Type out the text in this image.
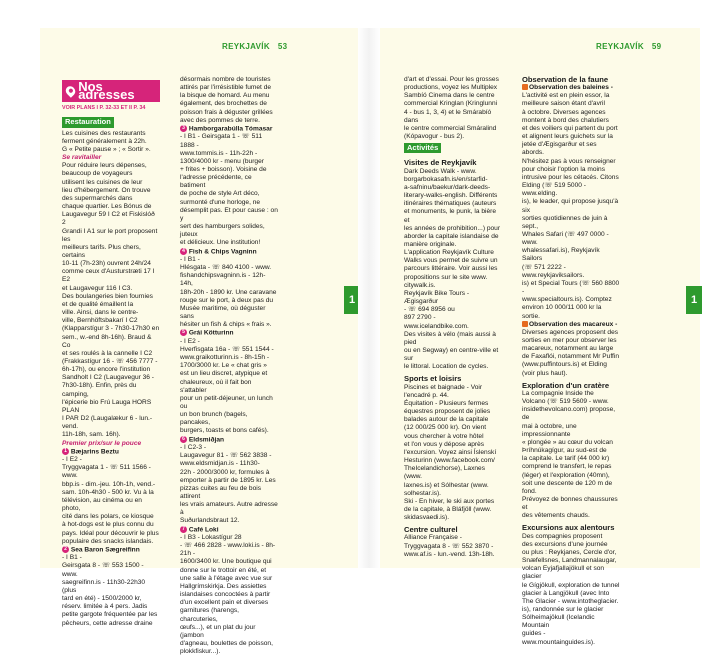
REYKJAVÍK 53
Nos adresses
VOIR PLANS I P. 32-33 ET II P. 34
Restauration

Les cuisines des restaurants
ferment généralement à 22h.
G « Petite pause » ; « Sortir ».

Se ravitailler

Pour réduire leurs dépenses,
beaucoup de voyageurs
utilisent les cuisines de leur
lieu d'hébergement. On trouve
des supermarchés dans
chaque quartier. Les Bónus de
Laugavegur 59 I C2 et Fiskislóð 2
Grandi I A1 sur le port proposent les
meilleurs tarifs. Plus chers, certains
10-11 (7h-23h) ouvrent 24h/24
comme ceux d'Austurstræti 17 I E2
et Laugavegur 116 I C3.
Des boulangeries bien fournies
et de qualité émaillent la
ville. Ainsi, dans le centre-
ville, Bernhöftsbakarí I C2
(Klapparstígur 3 - 7h30-17h30 en
sem., w.-end 8h-16h). Braud & Co
et ses roulés à la cannelle I C2
(Frakkastígur 16 - ☏ 456 7777 -
6h-17h), ou encore l'institution
Sandholt I C2 (Laugavegur 36 -
7h30-18h). Enfin, près du camping,
l'épicerie bio Frú Lauga HORS PLAN
I PAR D2 (Laugalækur 6 - lun.-vend.
11h-18h, sam. 16h).

Premier prix/sur le pouce

1 Bæjarins Beztu

- I E2 -
Tryggvagata 1 - ☏ 511 1566 - www.
bbp.is - dim.-jeu. 10h-1h, vend.-
sam. 10h-4h30 - 500 kr. Vu à la
télévision, au cinéma ou en photo,
cité dans les polars, ce kiosque
à hot-dogs est le plus connu du
pays. Idéal pour découvrir le plus
populaire des snacks islandais.

2 Sea Baron Sægreifinn

- I B1 -
Geirsgata 8 - ☏ 553 1500 - www.
saegreifinn.is - 11h30-22h30 (plus
tard en été) - 1500/2000 kr,
réserv. limitée à 4 pers. Jadis
petite gargote fréquentée par les
pêcheurs, cette adresse draine

désormais nombre de touristes
attirés par l'irrésistible fumet de
la bisque de homard. Au menu
également, des brochettes de
poisson frais à déguster grillées
avec des pommes de terre.

3 Hamborgarabúlla Tómasar

- I B1 - Geirsgata 1 - ☏ 511 1888 -
www.tommis.is - 11h-22h -
1300/4000 kr - menu (burger
+ frites + boisson). Voisine de
l'adresse précédente, ce batiment
de poche de style Art déco,
surmonté d'une horloge, ne
désemplit pas. Et pour cause : on y
sert des hamburgers solides, juteux
et délicieux. Une institution!

4 Fish & Chips Vagninn

- I B1 -
Hlésgata - ☏ 840 4100 - www.
fishandchipsvagninn.is - 12h-14h,
18h-20h - 1890 kr. Une caravane
rouge sur le port, à deux pas du
Musée maritime, où déguster sans
hésiter un fish & chips « frais ».

5 Grái Kötturinn

- I E2 -
Hverfisgata 16a - ☏ 551 1544 -
www.graikotturinn.is - 8h-15h -
1700/3000 kr. Le « chat gris »
est un lieu discret, atypique et
chaleureux, où il fait bon s'attabler
pour un petit-déjeuner, un lunch ou
un bon brunch (bagels, pancakes,
burgers, toasts et bons cafés).

6 Eldsmiðjan

- I C2-3 -
Laugavegur 81 - ☏ 562 3838 -
www.eldsmidjan.is - 11h30-
22h - 2000/3000 kr, formules à
emporter à partir de 1895 kr. Les
pizzas cuites au feu de bois attirent
les vrais amateurs. Autre adresse à
Suðurlandsbraut 12.

7 Café Loki

- I B3 - Lokastígur 28
- ☏ 466 2828 - www.loki.is - 8h-21h -
1600/3400 kr. Une boutique qui
donne sur le trottoir en été, et
une salle à l'étage avec vue sur
Hallgrímskirkja. Des assiettes
islandaises concoctées à partir
d'un excellent pain et diverses
garnitures (harengs, charcuteries,
œufs...), et un plat du jour (jambon
d'agneau, boulettes de poisson,
plokkfiskur...).

1
REYKJAVÍK 59

d'art et d'essai. Pour les grosses
productions, voyez les Multiplex
Sambíó Cinema dans le centre
commercial Kringlan (Kringlunni
4 - bus 1, 3, 4) et le Smárabíó dans
le centre commercial Smáralind
(Kópavogur - bus 2).

Activités
Visites de Reykjavík

Dark Deeds Walk - www.
borgarbokasafn.is/en/starfid-
a-safninu/baekur/dark-deeds-
literary-walks-english. Différents
itinéraires thématiques (auteurs
et monuments, le punk, la bière et
les années de prohibition...) pour
aborder la capitale islandaise de
manière originale.
L'application Reykjavík Culture
Walks vous permet de suivre un
parcours littéraire. Voir aussi les
propositions sur le site www.
citywalk.is.
Reykjavík Bike Tours - Ægisgarður
- ☏ 694 8956 ou
897 2790 - www.icelandbike.com.
Des visites à vélo (mais aussi à pied
ou en Segway) en centre-ville et sur
le littoral. Location de cycles.

Sports et loisirs

Piscines et baignade - Voir
l'encadré p. 44.
Équitation - Plusieurs fermes
équestres proposent de jolies
balades autour de la capitale
(12 000/25 000 kr). On vient
vous chercher à votre hôtel
et l'on vous y dépose après
l'excursion. Voyez ainsi Íslenskí
Hesturinn (www.facebook.com/
TheIcelandichorse), Laxnes (www.
laxnes.is) et Sólhestar (www.
solhestar.is).
Ski - En hiver, le ski aux portes
de la capitale, à Bláfjöll (www.
skidasvaedi.is).

Centre culturel

Alliance Française -
Tryggvagata 8 - ☏ 552 3870 -
www.af.is - lun.-vend. 13h-18h.

Observation de la faune

Observation des baleines -

L'activité est en plein essor, la
meilleure saison étant d'avril
à octobre. Diverses agences
montent à bord des chalutiers
et des voiliers qui partent du port
et alignent leurs guichets sur la
jetée d'Ægisgarður et ses abords.
N'hésitez pas à vous renseigner
pour choisir l'option la moins
intrusive pour les cétacés. Citons
Elding (☏ 519 5000 - www.elding.
is), le leader, qui propose jusqu'à six
sorties quotidiennes de juin à sept.,
Whales Safari (☏ 497 0000 - www.
whalessafari.is), Reykjavík Sailors
(☏ 571 2222 - www.reykjaviksailors.
is) et Special Tours (☏ 560 8800 -
www.specialtours.is). Comptez
environ 10 000/11 000 kr la sortie.

Observation des macareux -

Diverses agences proposent des
sorties en mer pour observer les
macareux, notamment au large
de Faxaflói, notamment Mr Puffin
(www.puffintours.is) et Elding
(voir plus haut).

Exploration d'un cratère

La compagnie Inside the
Volcano (☏ 519 5609 - www.
insidethevolcano.com) propose, de
mai à octobre, une impressionnante
« plongée » au cœur du volcan
Þríhnúkagígur, au sud-est de
la capitale. Le tarif (44 000 kr)
comprend le transfert, le repas
(léger) et l'exploration (40mn),
soit une descente de 120 m de fond.
Prévoyez de bonnes chaussures et
des vêtements chauds.

Excursions aux alentours

Des compagnies proposent
des excursions d'une journée
ou plus : Reykjanes, Cercle d'or,
Snæfellsnes, Landmannalaugar,
volcan Eyjafjallajökull et son glacier
le Gígjökull, exploration de tunnel
glacier à Langjökull (avec Into
The Glacier - www.intotheglacier.
is), randonnée sur le glacier
Sólheimajökull (Icelandic Mountain
guides - www.mountainguides.is).

1
